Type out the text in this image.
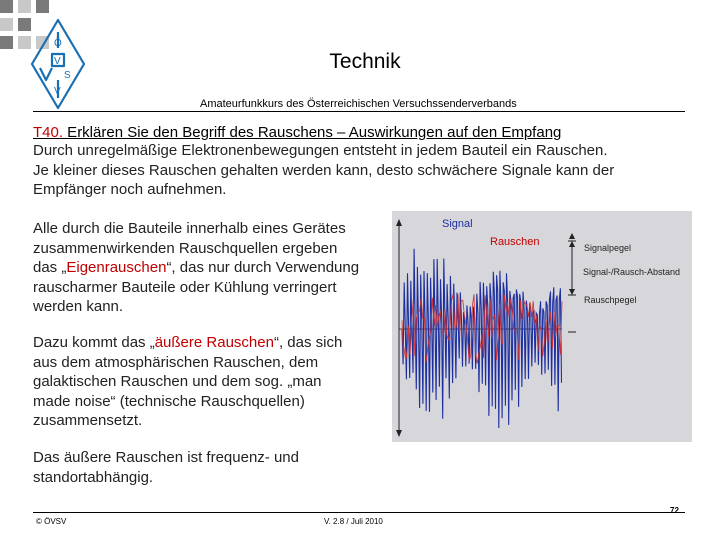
Ö
V
S
V
Technik
Amateurfunkkurs des Österreichischen Versuchssenderverbands
T40. Erklären Sie den Begriff des Rauschens – Auswirkungen auf den Empfang
Durch unregelmäßige Elektronenbewegungen entsteht in jedem Bauteil ein Rauschen.
Je kleiner dieses Rauschen gehalten werden kann, desto schwächere Signale kann der
Empfänger noch aufnehmen.
Alle durch die Bauteile innerhalb eines Gerätes
zusammenwirkenden Rauschquellen ergeben
das „Eigenrauschen“, das nur durch Verwendung
rauscharmer Bauteile oder Kühlung verringert
werden kann.
Dazu kommt das „äußere Rauschen“, das sich
aus dem atmosphärischen Rauschen, dem
galaktischen Rauschen und dem sog. „man
made noise“ (technische Rauschquellen)
zusammensetzt.
Das äußere Rauschen ist frequenz- und
standortabhängig.
t
Signal
Rauschen	Signalpegel
Signal-/Rausch-Abstand
Rauschpegel
© ÖVSV	V. 2.8 / Juli 2010
72
